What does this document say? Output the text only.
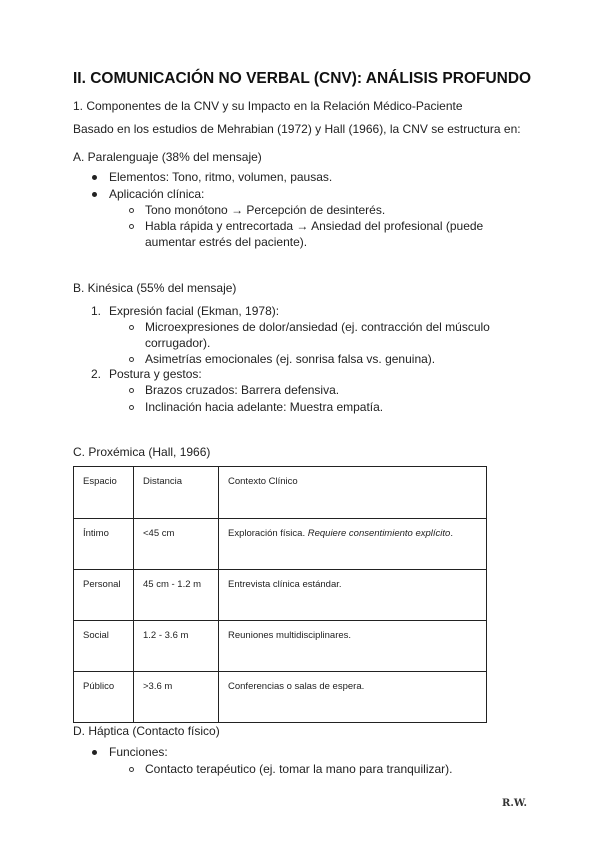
II. COMUNICACIÓN NO VERBAL (CNV): ANÁLISIS PROFUNDO
1. Componentes de la CNV y su Impacto en la Relación Médico-Paciente
Basado en los estudios de Mehrabian (1972) y Hall (1966), la CNV se estructura en:
A. Paralenguaje (38% del mensaje)
Elementos: Tono, ritmo, volumen, pausas.
Aplicación clínica:
Tono monótono → Percepción de desinterés.
Habla rápida y entrecortada → Ansiedad del profesional (puede
aumentar estrés del paciente).
B. Kinésica (55% del mensaje)
1. Expresión facial (Ekman, 1978):
Microexpresiones de dolor/ansiedad (ej. contracción del músculo
corrugador).
Asimetrías emocionales (ej. sonrisa falsa vs. genuina).
2. Postura y gestos:
Brazos cruzados: Barrera defensiva.
Inclinación hacia adelante: Muestra empatía.
C. Proxémica (Hall, 1966)
Espacio	Distancia	Contexto Clínico
Íntimo	<45 cm	Exploración física. Requiere consentimiento explícito.
Personal	45 cm - 1.2 m	Entrevista clínica estándar.
Social	1.2 - 3.6 m	Reuniones multidisciplinares.
Público	>3.6 m	Conferencias o salas de espera.
D. Háptica (Contacto físico)
Funciones:
Contacto terapéutico (ej. tomar la mano para tranquilizar).
R.W.
